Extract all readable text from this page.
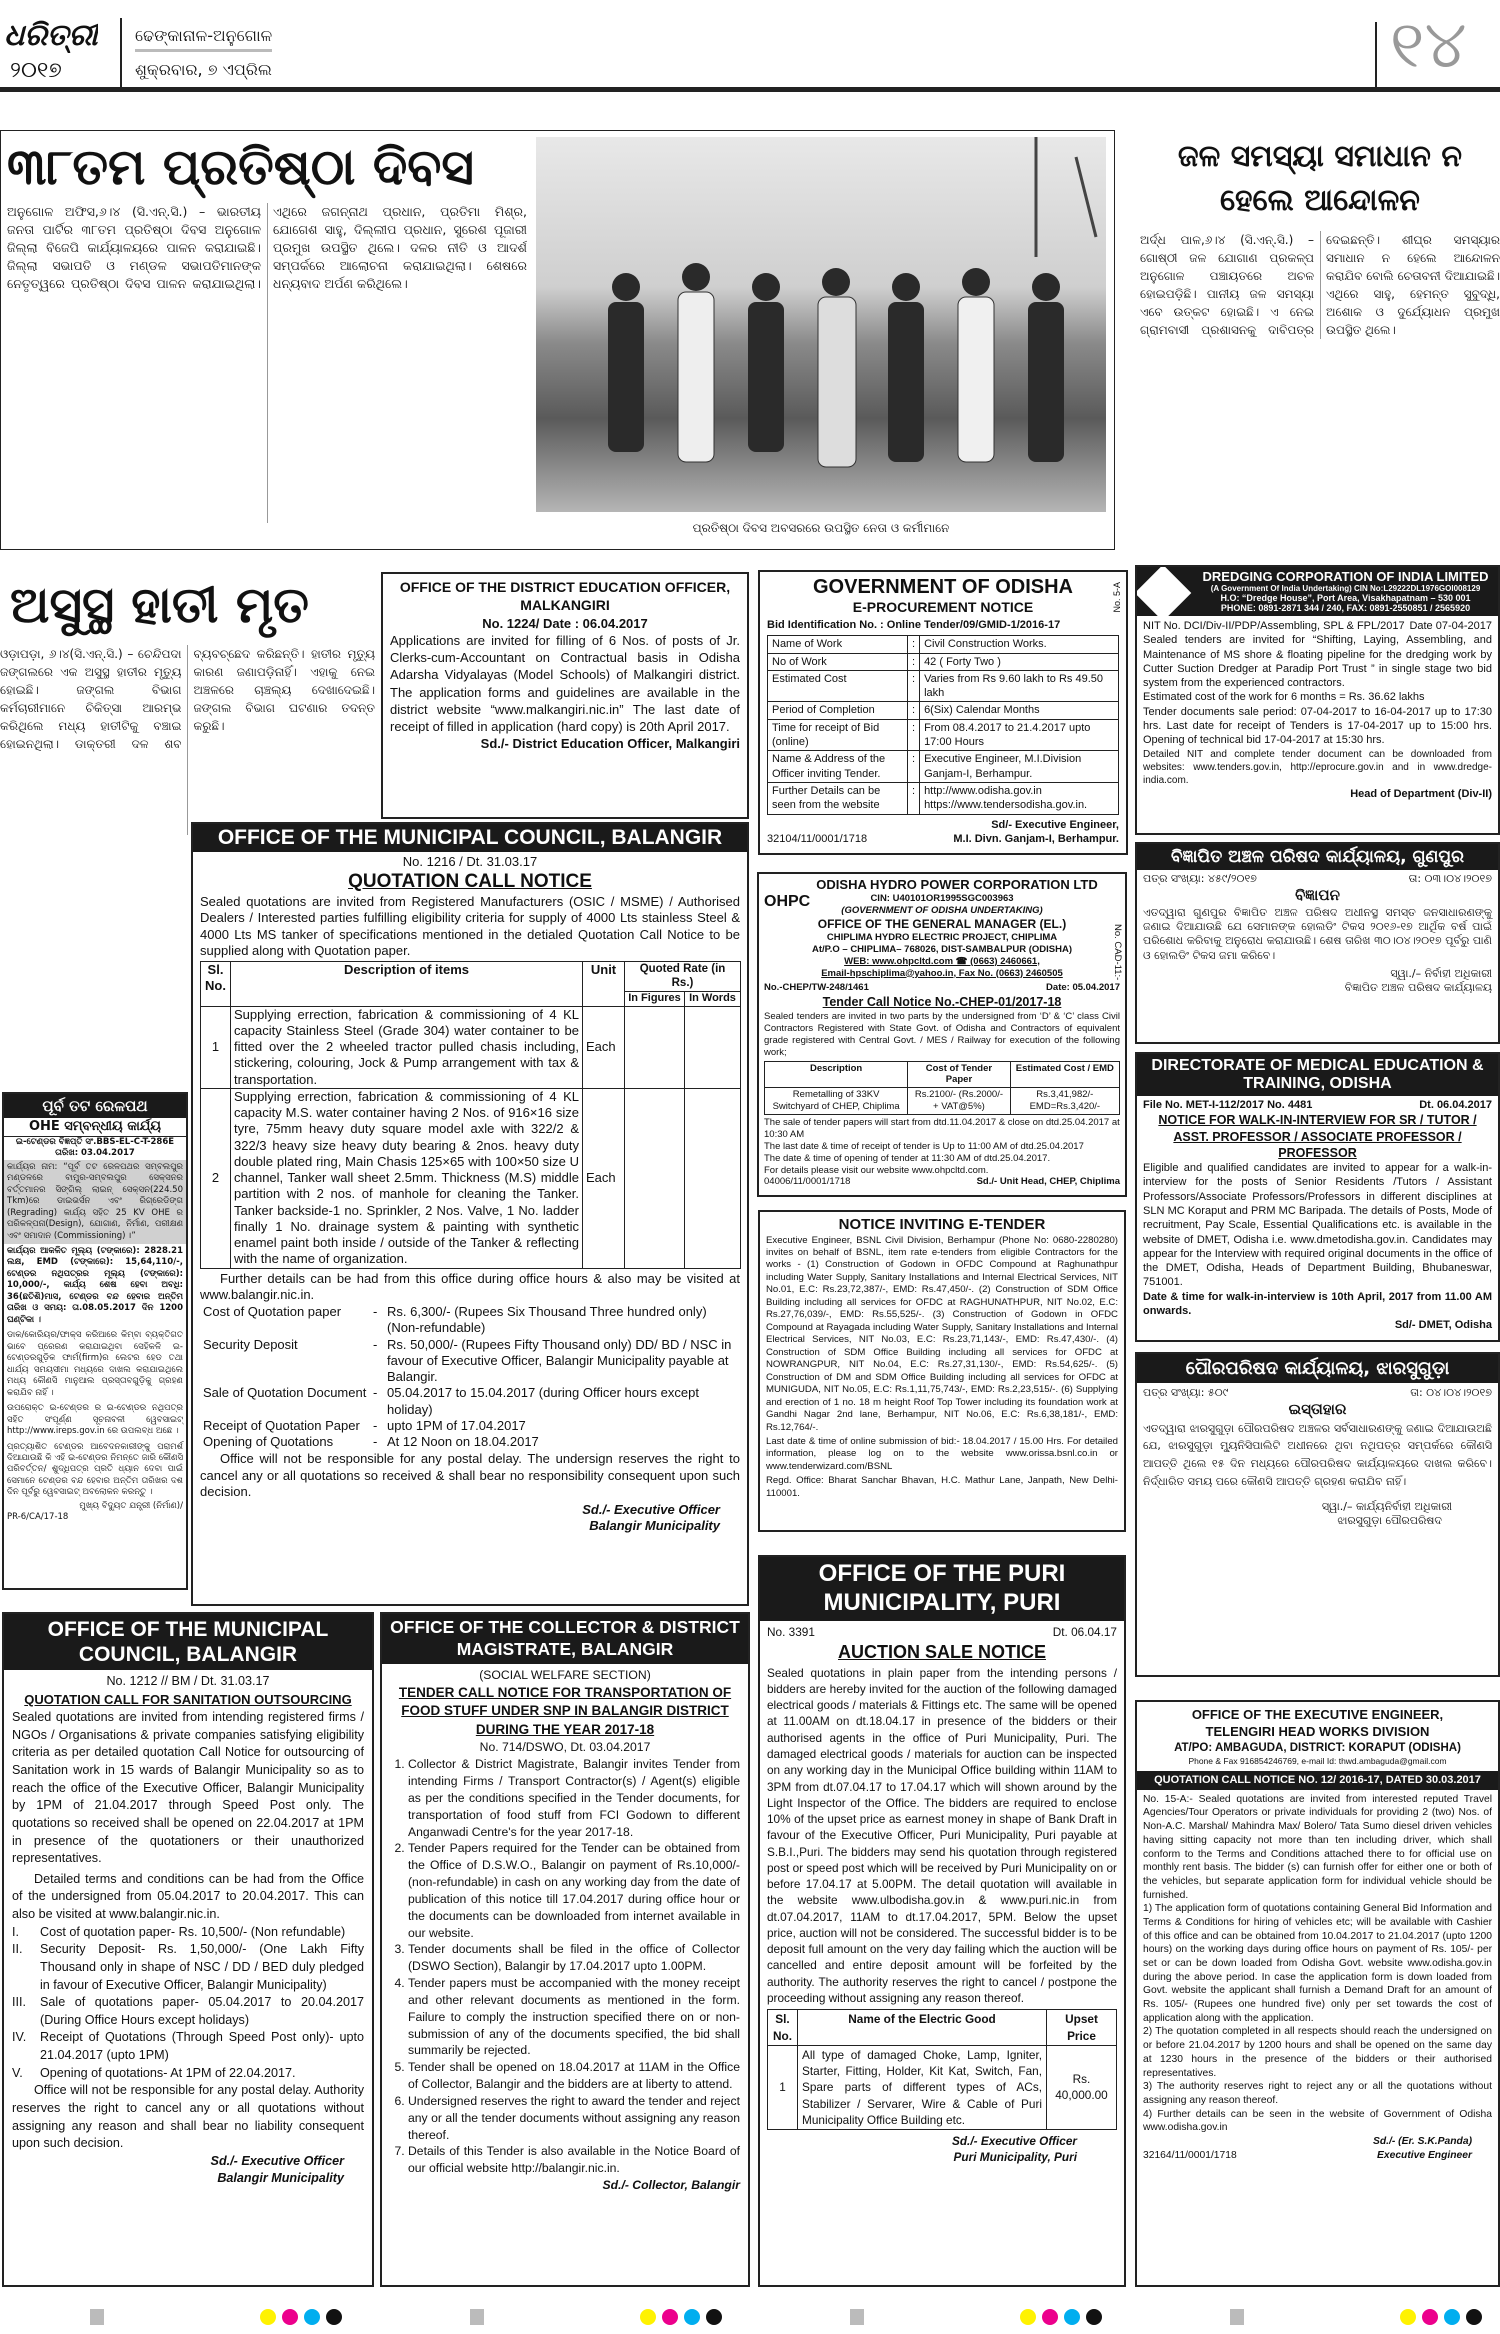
ଧରିତ୍ରୀ
୨୦୧୭
ଢେଙ୍କାନାଳ-ଅନୁଗୋଳ
ଶୁକ୍ରବାର, ୭ ଏପ୍ରିଲ	୧୪
୩୮ତମ ପ୍ରତିଷ୍ଠା ଦିବସ

ଅନୁଗୋଳ ଅଫିସ,୬।୪ (ସି.ଏନ୍.ସି.) – ଭାରତୀୟ ଜନତା ପାର୍ଟିର ୩୮ତମ ପ୍ରତିଷ୍ଠା ଦିବସ ଅନୁଗୋଳ ଜିଲ୍ଲା ବିଜେପି କାର୍ଯ୍ୟାଳୟରେ ପାଳନ କରାଯାଇଛି। ଜିଲ୍ଲା ସଭାପତି ଓ ମଣ୍ଡଳ ସଭାପତିମାନଙ୍କ ନେତୃତ୍ୱରେ ପ୍ରତିଷ୍ଠା ଦିବସ ପାଳନ କରାଯାଇଥିଲା। ଏଥିରେ ଜଗନ୍ନାଥ ପ୍ରଧାନ, ପ୍ରତିମା ମିଶ୍ର, ଯୋଗେଶ ସାହୁ, ଦିଲ୍ଲୀପ ପ୍ରଧାନ, ସୁରେଶ ପୂଜାରୀ ପ୍ରମୁଖ ଉପସ୍ଥିତ ଥିଲେ। ଦଳର ନୀତି ଓ ଆଦର୍ଶ ସମ୍ପର୍କରେ ଆଲୋଚନା କରାଯାଇଥିଲା। ଶେଷରେ ଧନ୍ୟବାଦ ଅର୍ପଣ କରିଥିଲେ।

ପ୍ରତିଷ୍ଠା ଦିବସ ଅବସରରେ ଉପସ୍ଥିତ ନେତା ଓ କର୍ମୀମାନେ
ଜଳ ସମସ୍ୟା ସମାଧାନ ନ ହେଲେ ଆନ୍ଦୋଳନ

ଅର୍ଦ୍ଧ ପାଳ,୬।୪ (ସି.ଏନ୍.ସି.) – ଗୋଷ୍ଠୀ ଜଳ ଯୋଗାଣ ପ୍ରକଳ୍ପ ଅନୁଗୋଳ ପଞ୍ଚାୟତରେ ଅଚଳ ହୋଇପଡ଼ିଛି। ପାନୀୟ ଜଳ ସମସ୍ୟା ଏବେ ଉତ୍କଟ ହୋଇଛି। ଏ ନେଇ ଗ୍ରାମବାସୀ ପ୍ରଶାସନକୁ ଦାବିପତ୍ର ଦେଇଛନ୍ତି। ଶୀଘ୍ର ସମସ୍ୟାର ସମାଧାନ ନ ହେଲେ ଆନ୍ଦୋଳନ କରାଯିବ ବୋଲି ଚେତାବନୀ ଦିଆଯାଇଛି। ଏଥିରେ ସାହୁ, ହେମନ୍ତ ସୁବୁଦ୍ଧି, ଅଶୋକ ଓ ଦୁର୍ଯ୍ୟୋଧନ ପ୍ରମୁଖ ଉପସ୍ଥିତ ଥିଲେ।

ଅସୁସ୍ଥ ହାତୀ ମୃତ

ଓଡ଼ାପଡ଼ା, ୬।୪(ସି.ଏନ୍.ସି.) – ଚେନ୍ଦିପଦା ଜଙ୍ଗଲରେ ଏକ ଅସୁସ୍ଥ ହାତୀର ମୃତ୍ୟୁ ହୋଇଛି। ଜଙ୍ଗଲ ବିଭାଗ କର୍ମଚାରୀମାନେ ଚିକିତ୍ସା ଆରମ୍ଭ କରିଥିଲେ ମଧ୍ୟ ହାତୀଟିକୁ ବଞ୍ଚାଇ ହୋଇନଥିଲା। ଡାକ୍ତରୀ ଦଳ ଶବ ବ୍ୟବଚ୍ଛେଦ କରିଛନ୍ତି। ହାତୀର ମୃତ୍ୟୁ କାରଣ ଜଣାପଡ଼ିନାହିଁ। ଏହାକୁ ନେଇ ଅଞ୍ଚଳରେ ଚାଞ୍ଚଲ୍ୟ ଦେଖାଦେଇଛି। ଜଙ୍ଗଲ ବିଭାଗ ଘଟଣାର ତଦନ୍ତ କରୁଛି।

OFFICE OF THE DISTRICT EDUCATION OFFICER, MALKANGIRI
No. 1224/ Date : 06.04.2017

Applications are invited for filling of 6 Nos. of posts of Jr. Clerks-cum-Accountant on Contractual basis in Odisha Adarsha Vidyalayas (Model Schools) of Malkangiri district. The application forms and guidelines are available in the district website “www.malkangiri.nic.in” The last date of receipt of filled in application (hard copy) is 20th April 2017.

Sd./- District Education Officer, Malkangiri
GOVERNMENT OF ODISHA
E-PROCUREMENT NOTICE	No. 5-A
Bid Identification No. : Online Tender/09/GMID-1/2016-17
Name of Work	:	Civil Construction Works.
No of Work	:	42 ( Forty Two )
Estimated Cost	:	Varies from Rs 9.60 lakh to Rs 49.50 lakh
Period of Completion	:	6(Six) Calendar Months
Time for receipt of Bid (online)	:	From 08.4.2017 to 21.4.2017 upto 17:00 Hours
Name & Address of the Officer inviting Tender.	:	Executive Engineer, M.I.Division Ganjam-I, Berhampur.
Further Details can be seen from the website	:	http://www.odisha.gov.in https://www.tendersodisha.gov.in.
Sd/- Executive Engineer,
32104/11/0001/1718	M.I. Divn. Ganjam-I, Berhampur.
DREDGING CORPORATION OF INDIA LIMITED
(A Government Of India Undertaking) CIN No:L29222DL1976GOI008129
H.O: “Dredge House”, Port Area, Visakhapatnam – 530 001
PHONE: 0891-2871 344 / 240, FAX: 0891-2550851 / 2565920
NIT No. DCI/Div-II/PDP/Assembling, SPL & FPL/2017 Date 07-04-2017

Sealed tenders are invited for “Shifting, Laying, Assembling, and Maintenance of MS shore & floating pipeline for the dredging work by Cutter Suction Dredger at Paradip Port Trust ” in single stage two bid system from the experienced contractors.

Estimated cost of the work for 6 months = Rs. 36.62 lakhs

Tender documents sale period: 07-04-2017 to 16-04-2017 up to 17:30 hrs. Last date for receipt of Tenders is 17-04-2017 up to 15:00 hrs. Opening of technical bid 17-04-2017 at 15:30 hrs.

Detailed NIT and complete tender document can be downloaded from websites: www.tenders.gov.in, http://eprocure.gov.in and in www.dredge-india.com.

Head of Department (Div-II)
ବିଜ୍ଞାପିତ ଅଞ୍ଚଳ ପରିଷଦ କାର୍ଯ୍ୟାଳୟ, ଗୁଣପୁର
ପତ୍ର ସଂଖ୍ୟା: ୪୫୯/୨୦୧୭	ତା: ୦୩।୦୪।୨୦୧୭
ବିଜ୍ଞାପନ

ଏତଦ୍ୱାରା ଗୁଣପୁର ବିଜ୍ଞାପିତ ଅଞ୍ଚଳ ପରିଷଦ ଅଧୀନସ୍ଥ ସମସ୍ତ ଜନସାଧାରଣଙ୍କୁ ଜଣାଇ ଦିଆଯାଉଛି ଯେ ସେମାନଙ୍କ ହୋଲଡିଂ ଟିକସ ୨୦୧୬-୧୭ ଆର୍ଥିକ ବର୍ଷ ପାଇଁ ପରିଶୋଧ କରିବାକୁ ଅନୁରୋଧ କରାଯାଉଛି। ଶେଷ ତାରିଖ ୩୦।୦୪।୨୦୧୭ ପୂର୍ବରୁ ପାଣି ଓ ହୋଲଡିଂ ଟିକସ ଜମା କରିବେ।

ସ୍ୱା./– ନିର୍ବାହୀ ଅଧିକାରୀ
ବିଜ୍ଞାପିତ ଅଞ୍ଚଳ ପରିଷଦ କାର୍ଯ୍ୟାଳୟ
OFFICE OF THE MUNICIPAL COUNCIL, BALANGIR
No. 1216 / Dt. 31.03.17
QUOTATION CALL NOTICE

Sealed quotations are invited from Registered Manufacturers (OSIC / MSME) / Authorised Dealers / Interested parties fulfilling eligibility criteria for supply of 4000 Lts stainless Steel & 4000 Lts MS tanker of specifications mentioned in the detialed Quotation Call Notice to be supplied along with Quotation paper.

Sl. No.	Description of items	Unit	Quoted Rate (in Rs.)	
			In Figures	In Words
1	Supplying errection, fabrication & commissioning of 4 KL capacity Stainless Steel (Grade 304) water container to be fitted over the 2 wheeled tractor pulled chasis including, stickering, colouring, Jock & Pump arrangement with tax & transportation.	Each		
2	Supplying errection, fabrication & commissioning of 4 KL capacity M.S. water container having 2 Nos. of 916×16 size tyre, 75mm heavy duty square model axle with 322/2 & 322/3 heavy size heavy duty bearing & 2nos. heavy duty double plated ring, Main Chasis 125×65 with 100×50 size U channel, Tanker wall sheet 2.5mm. Thickness (M.S) middle partition with 2 nos. of manhole for cleaning the Tanker. Tanker backside-1 no. Sprinkler, 2 Nos. Valve, 1 No. ladder finally 1 No. drainage system & painting with synthetic enamel paint both inside / outside of the Tanker & reflecting with the name of organization.	Each		

Further details can be had from this office during office hours & also may be visited at www.balangir.nic.in.

Cost of Quotation paper	-	Rs. 6,300/- (Rupees Six Thousand Three hundred only) (Non-refundable)
Security Deposit	-	Rs. 50,000/- (Rupees Fifty Thousand only) DD/ BD / NSC in favour of Executive Officer, Balangir Municipality payable at Balangir.
Sale of Quotation Document	-	05.04.2017 to 15.04.2017 (during Officer hours except holiday)
Receipt of Quotation Paper	-	upto 1PM of 17.04.2017
Opening of Quotations	-	At 12 Noon on 18.04.2017

Office will not be responsible for any postal delay. The undersign reserves the right to cancel any or all quotations so received & shall bear no responsibility consequent upon such decision.

Sd./- Executive Officer
Balangir Municipality
OHPC
ODISHA HYDRO POWER CORPORATION LTD
CIN: U40101OR1995SGC003963
(GOVERNMENT OF ODISHA UNDERTAKING)
OFFICE OF THE GENERAL MANAGER (EL.)
CHIPLIMA HYDRO ELECTRIC PROJECT, CHIPLIMA
At/P.O – CHIPLIMA– 768026, DIST-SAMBALPUR (ODISHA)
WEB: www.ohpcltd.com ☎ (0663) 2460661,
Email-hpschiplima@yahoo.in, Fax No. (0663) 2460505	No. CAD-11:-
No.-CHEP/TW-248/1461	Date: 05.04.2017
Tender Call Notice No.-CHEP-01/2017-18

Sealed tenders are invited in two parts by the undersigned from ‘D’ & ‘C’ class Civil Contractors Registered with State Govt. of Odisha and Contractors of equivalent grade registered with Central Govt. / MES / Railway for execution of the following work;

Description	Cost of Tender Paper	Estimated Cost / EMD
Remetalling of 33KV Switchyard of CHEP, Chiplima	Rs.2100/- (Rs.2000/- + VAT@5%)	Rs.3,41,982/- EMD=Rs.3,420/-
The sale of tender papers will start from dtd.11.04.2017 & close on dtd.25.04.2017 at 10:30 AM
The last date & time of receipt of tender is Up to 11:00 AM of dtd.25.04.2017
The date & time of opening of tender at 11:30 AM of dtd.25.04.2017.
For details please visit our website www.ohpcltd.com.
04006/11/0001/1718	Sd./- Unit Head, CHEP, Chiplima
NOTICE INVITING E-TENDER

Executive Engineer, BSNL Civil Division, Berhampur (Phone No: 0680-2280280) invites on behalf of BSNL, item rate e-tenders from eligible Contractors for the works - (1) Construction of Godown in OFDC Compound at Raghunathpur including Water Supply, Sanitary Installations and Internal Electrical Services, NIT No.01, E.C: Rs.23,72,387/-, EMD: Rs.47,450/-. (2) Construction of SDM Office Building including all services for OFDC at RAGHUNATHPUR, NIT No.02, E.C: Rs.27,76,039/-, EMD: Rs.55,525/-. (3) Construction of Godown in OFDC Compound at Rayagada including Water Supply, Sanitary Installations and Internal Electrical Services, NIT No.03, E.C: Rs.23,71,143/-, EMD: Rs.47,430/-. (4) Construction of SDM Office Building including all services for OFDC at NOWRANGPUR, NIT No.04, E.C: Rs.27,31,130/-, EMD: Rs.54,625/-. (5) Construction of DM and SDM Office Building including all services for OFDC at MUNIGUDA, NIT No.05, E.C: Rs.1,11,75,743/-, EMD: Rs.2,23,515/-. (6) Supplying and erection of 1 no. 18 m height Roof Top Tower including its foundation work at Gandhi Nagar 2nd lane, Berhampur, NIT No.06, E.C: Rs.6,38,181/-, EMD: Rs.12,764/-.

Last date & time of online submission of bid:- 18.04.2017 / 15.00 Hrs. For detailed information, please log on to the website www.orissa.bsnl.co.in or www.tenderwizard.com/BSNL

Regd. Office: Bharat Sanchar Bhavan, H.C. Mathur Lane, Janpath, New Delhi-110001.

DIRECTORATE OF MEDICAL EDUCATION & TRAINING, ODISHA
File No. MET-I-112/2017 No. 4481	Dt. 06.04.2017
NOTICE FOR WALK-IN-INTERVIEW FOR SR / TUTOR / ASST. PROFESSOR / ASSOCIATE PROFESSOR / PROFESSOR

Eligible and qualified candidates are invited to appear for a walk-in-interview for the posts of Senior Residents /Tutors / Assistant Professors/Associate Professors/Professors in different disciplines at SLN MC Koraput and PRM MC Baripada. The details of Posts, Mode of recruitment, Pay Scale, Essential Qualifications etc. is available in the website of DMET, Odisha i.e. www.dmetodisha.gov.in. Candidates may appear for the Interview with required original documents in the office of the DMET, Odisha, Heads of Department Building, Bhubaneswar, 751001.

Date & time for walk-in-interview is 10th April, 2017 from 11.00 AM onwards.

Sd/- DMET, Odisha
ପୌରପରିଷଦ କାର୍ଯ୍ୟାଳୟ, ଝାରସୁଗୁଡ଼ା
ପତ୍ର ସଂଖ୍ୟା: ୫୦୯	ତା: ୦୪।୦୪।୨୦୧୭
ଇସ୍ତାହାର

ଏତଦ୍ୱାରା ଝାରସୁଗୁଡ଼ା ପୌରପରିଷଦ ଅଞ୍ଚଳର ସର୍ବସାଧାରଣଙ୍କୁ ଜଣାଇ ଦିଆଯାଉଅଛି ଯେ, ଝାରସୁଗୁଡ଼ା ମ୍ୟୁନିସିପାଲିଟି ଅଧୀନରେ ଥିବା ନଥିପତ୍ର ସମ୍ପର୍କରେ କୌଣସି ଆପତ୍ତି ଥିଲେ ୧୫ ଦିନ ମଧ୍ୟରେ ପୌରପରିଷଦ କାର୍ଯ୍ୟାଳୟରେ ଦାଖଲ କରିବେ। ନିର୍ଦ୍ଧାରିତ ସମୟ ପରେ କୌଣସି ଆପତ୍ତି ଗ୍ରହଣ କରାଯିବ ନାହିଁ।

ସ୍ୱା./– କାର୍ଯ୍ୟନିର୍ବାହୀ ଅଧିକାରୀ
ଝାରସୁଗୁଡ଼ା ପୌରପରିଷଦ
ପୂର୍ବ ତଟ ରେଳପଥ
OHE ସମ୍ବନ୍ଧୀୟ କାର୍ଯ୍ୟ
ଇ-ଟେଣ୍ଡର ବିଜ୍ଞପ୍ତି ସଂ.BBS-EL-C-T-286E
ତାରିଖ: 03.04.2017

କାର୍ଯ୍ୟର ନାମ: “ପୂର୍ବ ତଟ ରେଳପଥର ସମ୍ବଲପୁର ମଣ୍ଡଳରେ ବାମୁର-ସମ୍ବଲପୁର ସେକ୍ସନର ବର୍ତ୍ତମାନର ସିଙ୍ଗିଲ୍ ଲାଇନ୍ ସେକ୍ସନ(224.50 Tkm)ରେ ଡାଇଭର୍ସନ ଏବଂ ରିଗ୍ରେଡିଙ୍ଗ (Regrading) କାର୍ଯ୍ୟ ସହିତ 25 KV OHE ର ପରିକଳ୍ପନା(Design), ଯୋଗାଣ, ନିର୍ମାଣ, ପରୀକ୍ଷଣ ଏବଂ ସମାଦାନ (Commissioning) ।”

କାର୍ଯ୍ୟର ଆକଳିତ ମୂଲ୍ୟ (ଟଙ୍କାରେ): 2828.21 ଲକ୍ଷ, EMD (ଟଙ୍କାରେ): 15,64,110/-, ଟେଣ୍ଡର ନଥିପତ୍ରର ମୂଲ୍ୟ (ଟଙ୍କାରେ): 10,000/-, କାର୍ଯ୍ୟ ଶେଷ ହେବା ଅବଧି: 36(ଛତିଶି)ମାସ, ଟେଣ୍ଡର ବନ୍ଦ ହେବାର ଅନ୍ତିମ ତାରିଖ ଓ ସମୟ: ତା.08.05.2017 ଦିନ 1200 ଘଣ୍ଟିକା ।

ଡାକ/କୋରିୟର/ଫାକ୍ସ କରିଆରେ କିମ୍ବା ବ୍ୟକ୍ତିଗତ ଭାବେ ପ୍ରେରଣ କରାଯାଇଥିବା ସେହିକଳି ଇ-ଟେଣ୍ଡରଗୁଡ଼ିକ ଫାର୍ମ(firm)ର ଲେଟର ହେଡ ତଥା ଧାର୍ଯ୍ୟ ସମୟସୀମା ମଧ୍ୟରେ ଦାଖଲ କରାଯାଇଥିଲେ ମଧ୍ୟ କୌଣସି ମାନୁଆଲ ପ୍ରସ୍ତାବଗୁଡ଼ିକୁ ଗ୍ରହଣ କରାଯିବ ନାହିଁ ।

ଉପରୋକ୍ତ ଇ-ଟେଣ୍ଡର ର ଇ-ଟେଣ୍ଡର ନଥିପତ୍ର ସହିତ ସଂପୂର୍ଣ୍ଣ ସୂଚନାବଳୀ ୱେବସାଇଟ୍ http://www.ireps.gov.in ରେ ଉପଲବ୍ଧ ଅଛେ ।

ପ୍ରତ୍ୟାଶିତ ଟେଣ୍ଡର ଆବେଦନକାରୀଙ୍କୁ ପରାମର୍ଶ ଦିଆଯାଉଛି କି ଏହି ଇ-ଟେଣ୍ଡର ନିମନ୍ତେ ଜାରି କୌଣସି ପରିବର୍ତ୍ତନ/ ଶୁଦ୍ଧିପତ୍ର ପ୍ରତି ଧ୍ୟାନ ଦେବା ପାଇଁ ସେମାନେ ଟେଣ୍ଡର ବନ୍ଦ ହେବାର ଅନ୍ତିମ ତାରିଖର ଦଶ ଦିନ ପୂର୍ବରୁ ୱେବସାଇଟ୍ ଅବଲୋକନ କରନ୍ତୁ ।

ମୁଖ୍ୟ ବିଦ୍ୟୁତ ଯନ୍ତ୍ରୀ (ନିର୍ମାଣ)/
PR-6/CA/17-18
OFFICE OF THE MUNICIPAL COUNCIL, BALANGIR
No. 1212 // BM / Dt. 31.03.17
QUOTATION CALL FOR SANITATION OUTSOURCING

Sealed quotations are invited from intending registered firms / NGOs / Organisations & private companies satisfying eligibility criteria as per detailed quotation Call Notice for outsourcing of Sanitation work in 15 wards of Balangir Municipality so as to reach the office of the Executive Officer, Balangir Municipality by 1PM of 21.04.2017 through Speed Post only. The quotations so received shall be opened on 22.04.2017 at 1PM in presence of the quotationers or their unauthorized representatives.

Detailed terms and conditions can be had from the Office of the undersigned from 05.04.2017 to 20.04.2017. This can also be visited at www.balangir.nic.in.

I.	Cost of quotation paper- Rs. 10,500/- (Non refundable)
II.	Security Deposit- Rs. 1,50,000/- (One Lakh Fifty Thousand only in shape of NSC / DD / BED duly pledged in favour of Executive Officer, Balangir Municipality)
III.	Sale of quotations paper- 05.04.2017 to 20.04.2017 (During Office Hours except holidays)
IV.	Receipt of Quotations (Through Speed Post only)- upto 21.04.2017 (upto 1PM)
V.	Opening of quotations- At 1PM of 22.04.2017.

Office will not be responsible for any postal delay. Authority reserves the right to cancel any or all quotations without assigning any reason and shall bear no liability consequent upon such decision.

Sd./- Executive Officer
Balangir Municipality
OFFICE OF THE COLLECTOR & DISTRICT MAGISTRATE, BALANGIR
(SOCIAL WELFARE SECTION)
TENDER CALL NOTICE FOR TRANSPORTATION OF FOOD STUFF UNDER SNP IN BALANGIR DISTRICT DURING THE YEAR 2017-18
No. 714/DSWO, Dt. 03.04.2017
1. Collector & District Magistrate, Balangir invites Tender from intending Firms / Transport Contractor(s) / Agent(s) eligible as per the conditions specified in the Tender documents, for transportation of food stuff from FCI Godown to different Anganwadi Centre's for the year 2017-18.
2. Tender Papers required for the Tender can be obtained from the Office of D.S.W.O., Balangir on payment of Rs.10,000/- (non-refundable) in cash on any working day from the date of publication of this notice till 17.04.2017 during office hour or the documents can be downloaded from internet available in our website.
3. Tender documents shall be filed in the office of Collector (DSWO Section), Balangir by 17.04.2017 upto 1.00PM.
4. Tender papers must be accompanied with the money receipt and other relevant documents as mentioned in the form. Failure to comply the instruction specified there on or non-submission of any of the documents specified, the bid shall summarily be rejected.
5. Tender shall be opened on 18.04.2017 at 11AM in the Office of Collector, Balangir and the bidders are at liberty to attend.
6. Undersigned reserves the right to award the tender and reject any or all the tender documents without assigning any reason thereof.
7. Details of this Tender is also available in the Notice Board of our official website http://balangir.nic.in.
Sd./- Collector, Balangir
OFFICE OF THE PURI MUNICIPALITY, PURI
No. 3391	Dt. 06.04.17
AUCTION SALE NOTICE

Sealed quotations in plain paper from the intending persons / bidders are hereby invited for the auction of the following damaged electrical goods / materials & Fittings etc. The same will be opened at 11.00AM on dt.18.04.17 in presence of the bidders or their authorised agents in the office of Puri Municipality, Puri. The damaged electrical goods / materials for auction can be inspected on any working day in the Municipal Office building within 11AM to 3PM from dt.07.04.17 to 17.04.17 which will shown around by the Light Inspector of the Office. The bidders are required to enclose 10% of the upset price as earnest money in shape of Bank Draft in favour of the Executive Officer, Puri Municipality, Puri payable at S.B.I.,Puri. The bidders may send his quotation through registered post or speed post which will be received by Puri Municipality on or before 17.04.17 at 5.00PM. The detail quotation will available in the website www.ulbodisha.gov.in & www.puri.nic.in from dt.07.04.2017, 11AM to dt.17.04.2017, 5PM. Below the upset price, auction will not be considered. The successful bidder is to be deposit full amount on the very day failing which the auction will be cancelled and entire deposit amount will be forfeited by the authority. The authority reserves the right to cancel / postpone the proceeding without assigning any reason thereof.

Sl. No.	Name of the Electric Good	Upset Price
1	All type of damaged Choke, Lamp, Igniter, Starter, Fitting, Holder, Kit Kat, Switch, Fan, Spare parts of different types of ACs, Stabilizer / Servarer, Wire & Cable of Puri Municipality Office Building etc.	Rs. 40,000.00
Sd./- Executive Officer
Puri Municipality, Puri
OFFICE OF THE EXECUTIVE ENGINEER,
TELENGIRI HEAD WORKS DIVISION
AT/PO: AMBAGUDA, DISTRICT: KORAPUT (ODISHA)
Phone & Fax 916854246769, e-mail Id: thwd.ambaguda@gmail.com
QUOTATION CALL NOTICE NO. 12/ 2016-17, DATED 30.03.2017

No. 15-A:- Sealed quotations are invited from interested reputed Travel Agencies/Tour Operators or private individuals for providing 2 (two) Nos. of Non-A.C. Marshal/ Mahindra Max/ Bolero/ Tata Sumo diesel driven vehicles having sitting capacity not more than ten including driver, which shall conform to the Terms and Conditions attached there to for official use on monthly rent basis. The bidder (s) can furnish offer for either one or both of the vehicles, but separate application form for individual vehicle should be furnished.

1) The application form of quotations containing General Bid Information and Terms & Conditions for hiring of vehicles etc; will be available with Cashier of this office and can be obtained from 10.04.2017 to 21.04.2017 (upto 1200 hours) on the working days during office hours on payment of Rs. 105/- per set or can be down loaded from Odisha Govt. website www.odisha.gov.in during the above period. In case the application form is down loaded from Govt. website the applicant shall furnish a Demand Draft for an amount of Rs. 105/- (Rupees one hundred five) only per set towards the cost of application along with the application.

2) The quotation completed in all respects should reach the undersigned on or before 21.04.2017 by 1200 hours and shall be opened on the same day at 1230 hours in the presence of the bidders or their authorised representatives.

3) The authority reserves right to reject any or all the quotations without assigning any reason thereof.

4) Further details can be seen in the website of Government of Odisha www.odisha.gov.in

Sd./- (Er. S.K.Panda)
32164/11/0001/1718	Executive Engineer
